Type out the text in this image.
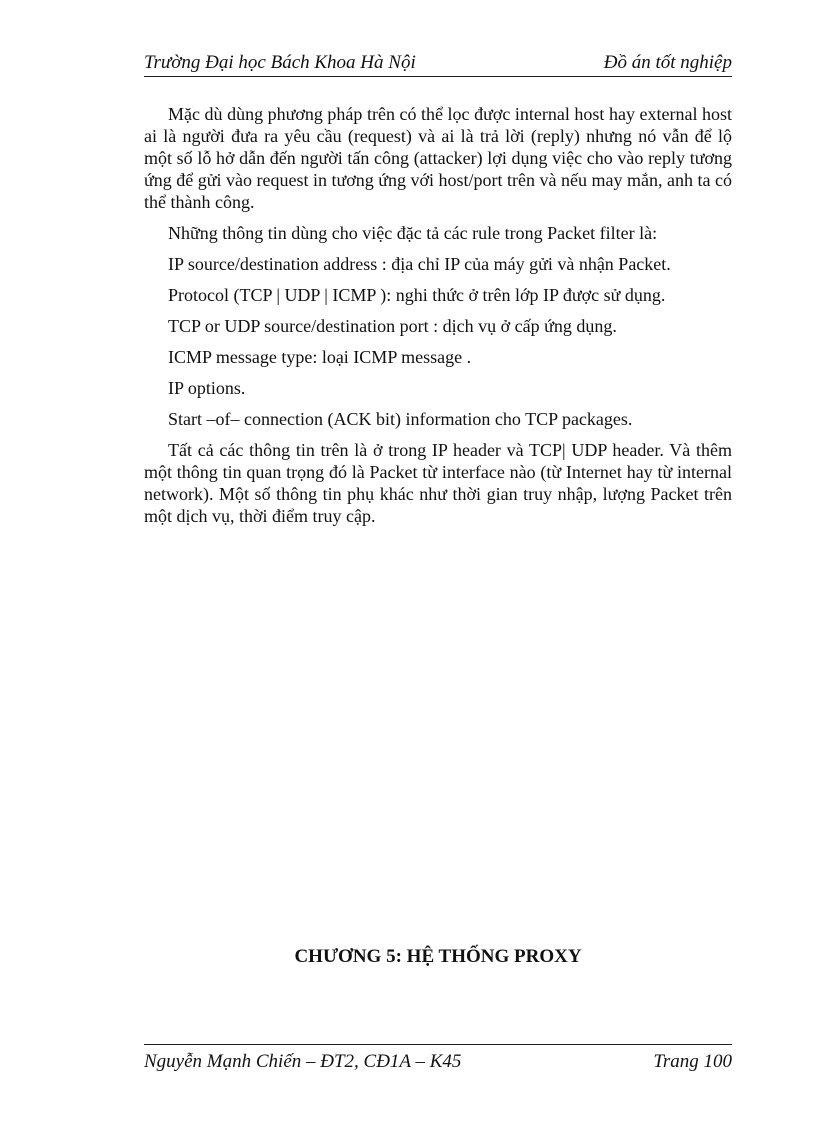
Trường Đại học Bách Khoa Hà Nội	Đồ án tốt nghiệp

Mặc dù dùng phương pháp trên có thể lọc được internal host hay external host ai là người đưa ra yêu cầu (request) và ai là trả lời (reply) nhưng nó vẫn để lộ một số lỗ hở dẫn đến người tấn công (attacker) lợi dụng việc cho vào reply tương ứng để gửi vào request in tương ứng với host/port trên và nếu may mắn, anh ta có thể thành công.

Những thông tin dùng cho việc đặc tả các rule trong Packet filter là:

IP source/destination address : địa chỉ IP của máy gửi và nhận Packet.

Protocol (TCP | UDP | ICMP ): nghi thức ở trên lớp IP được sử dụng.

TCP or UDP source/destination port : dịch vụ ở cấp ứng dụng.

ICMP message type: loại ICMP message .

IP options.

Start –of– connection (ACK bit) information cho TCP packages.

Tất cả các thông tin trên là ở trong IP header và TCP| UDP header. Và thêm một thông tin quan trọng đó là Packet từ interface nào (từ Internet hay từ internal network). Một số thông tin phụ khác như thời gian truy nhập, lượng Packet trên một dịch vụ, thời điểm truy cập.

CHƯƠNG 5: HỆ THỐNG PROXY
Nguyễn Mạnh Chiến – ĐT2, CĐ1A – K45	Trang 100
